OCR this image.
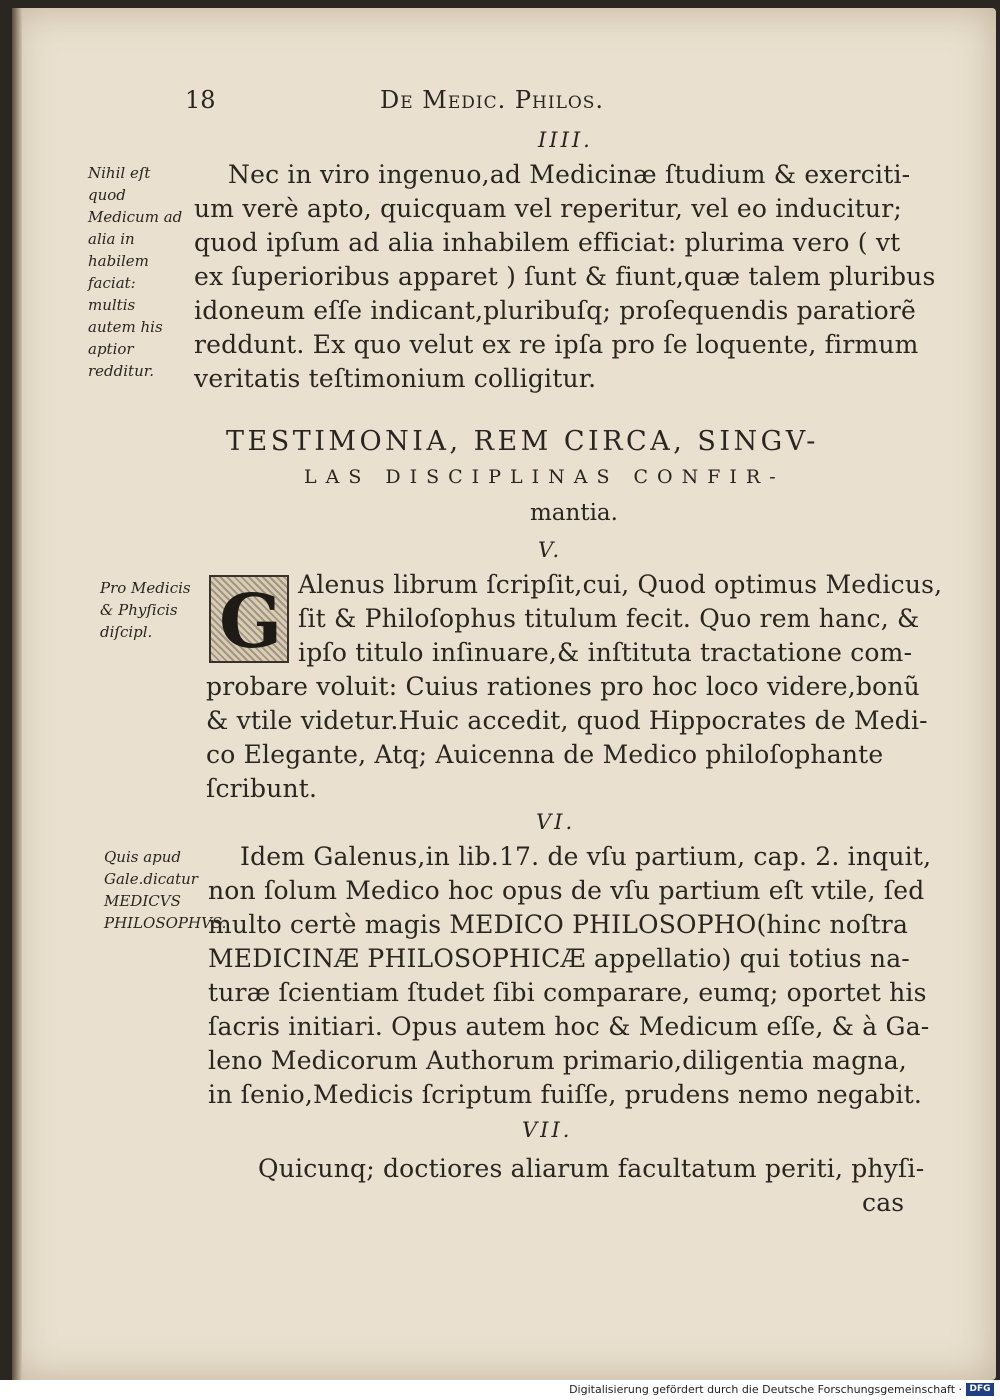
18	De Medic. Philos.
IIII.
Nihil eſt quod Medicum ad alia in habilem faciat: multis autem his aptior redditur.
Nec in viro ingenuo,ad Medicinæ ſtudium & exerciti-
um verè apto, quicquam vel reperitur, vel eo inducitur;
quod ipſum ad alia inhabilem efficiat: plurima vero ( vt
ex ſuperioribus apparet ) ſunt & fiunt,quæ talem pluribus
idoneum eſſe indicant,pluribuſq; proſequendis paratiorẽ
reddunt. Ex quo velut ex re ipſa pro ſe loquente, firmum
veritatis teſtimonium colligitur.
TESTIMONIA, REM CIRCA, SINGV-
LAS DISCIPLINAS CONFIR-
mantia.
V.
Pro Medicis & Phyſicis diſcipl. G Alenus librum ſcripſit,cui, Quod optimus Medicus,
ſit & Philoſophus titulum fecit. Quo rem hanc, &
ipſo titulo inſinuare,& inſtituta tractatione com-
probare voluit: Cuius rationes pro hoc loco videre,bonũ
& vtile videtur.Huic accedit, quod Hippocrates de Medi-
co Elegante, Atq; Auicenna de Medico philoſophante
ſcribunt.
VI.
Quis apud Gale.dicatur MEDICVS PHILOSOPHVS.
Idem Galenus,in lib.17. de vſu partium, cap. 2. inquit,
non ſolum Medico hoc opus de vſu partium eſt vtile, ſed
multo certè magis MEDICO PHILOSOPHO(hinc noſtra
MEDICINÆ PHILOSOPHICÆ appellatio) qui totius na-
turæ ſcientiam ſtudet ſibi comparare, eumq; oportet his
ſacris initiari. Opus autem hoc & Medicum eſſe, & à Ga-
leno Medicorum Authorum primario,diligentia magna,
in ſenio,Medicis ſcriptum fuiſſe, prudens nemo negabit.
VII.
Quicunq; doctiores aliarum facultatum periti, phyſi-
cas
Digitalisierung gefördert durch die Deutsche Forschungsgemeinschaft · DFG
